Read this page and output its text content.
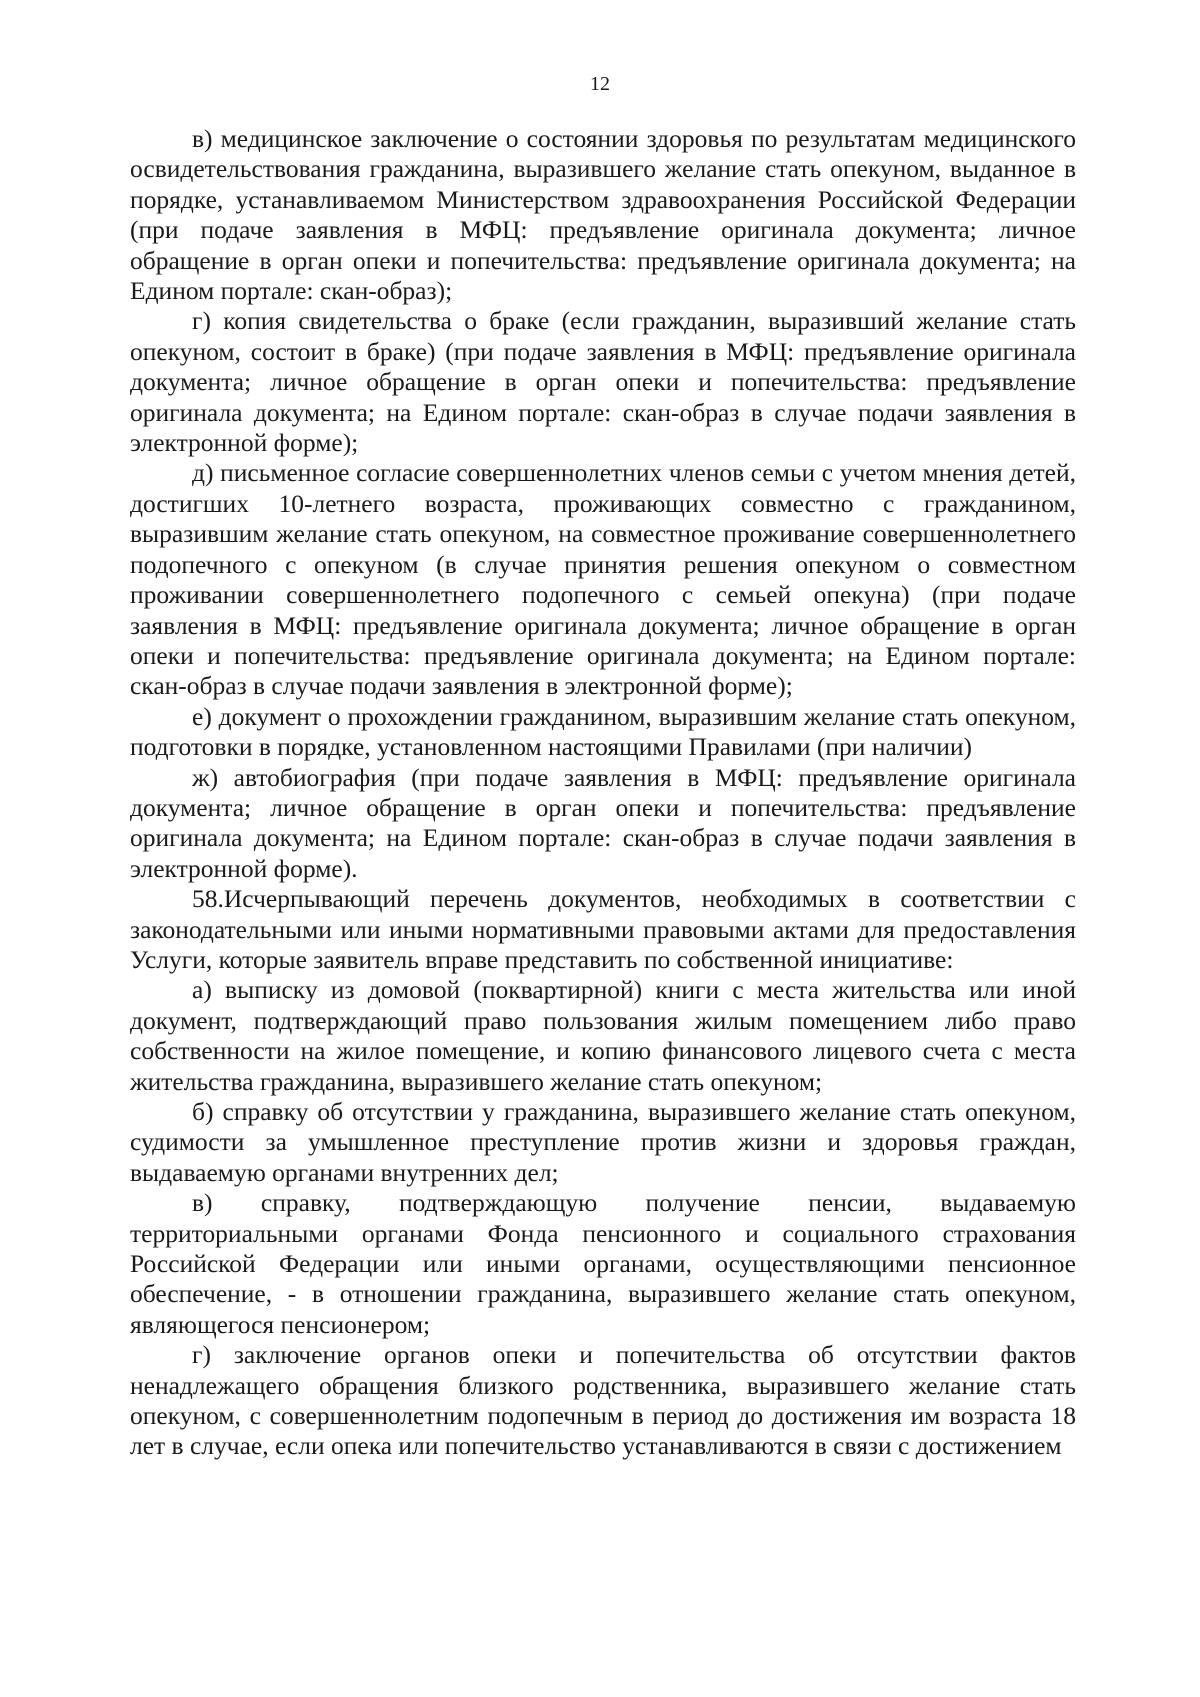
12

в) медицинское заключение о состоянии здоровья по результатам медицинского освидетельствования гражданина, выразившего желание стать опекуном, выданное в порядке, устанавливаемом Министерством здравоохранения Российской Федерации (при подаче заявления в МФЦ: предъявление оригинала документа; личное обращение в орган опеки и попечительства: предъявление оригинала документа; на Едином портале: скан-образ);

г) копия свидетельства о браке (если гражданин, выразивший желание стать опекуном, состоит в браке) (при подаче заявления в МФЦ: предъявление оригинала документа; личное обращение в орган опеки и попечительства: предъявление оригинала документа; на Едином портале: скан-образ в случае подачи заявления в электронной форме);

д) письменное согласие совершеннолетних членов семьи с учетом мнения детей, достигших 10-летнего возраста, проживающих совместно с гражданином, выразившим желание стать опекуном, на совместное проживание совершеннолетнего подопечного с опекуном (в случае принятия решения опекуном о совместном проживании совершеннолетнего подопечного с семьей опекуна) (при подаче заявления в МФЦ: предъявление оригинала документа; личное обращение в орган опеки и попечительства: предъявление оригинала документа; на Едином портале: скан-образ в случае подачи заявления в электронной форме);

е) документ о прохождении гражданином, выразившим желание стать опекуном, подготовки в порядке, установленном настоящими Правилами (при наличии)

ж) автобиография (при подаче заявления в МФЦ: предъявление оригинала документа; личное обращение в орган опеки и попечительства: предъявление оригинала документа; на Едином портале: скан-образ в случае подачи заявления в электронной форме).

58.Исчерпывающий перечень документов, необходимых в соответствии с законодательными или иными нормативными правовыми актами для предоставления Услуги, которые заявитель вправе представить по собственной инициативе:

а) выписку из домовой (поквартирной) книги с места жительства или иной документ, подтверждающий право пользования жилым помещением либо право собственности на жилое помещение, и копию финансового лицевого счета с места жительства гражданина, выразившего желание стать опекуном;

б) справку об отсутствии у гражданина, выразившего желание стать опекуном, судимости за умышленное преступление против жизни и здоровья граждан, выдаваемую органами внутренних дел;

в) справку, подтверждающую получение пенсии, выдаваемую территориальными органами Фонда пенсионного и социального страхования Российской Федерации или иными органами, осуществляющими пенсионное обеспечение, - в отношении гражданина, выразившего желание стать опекуном, являющегося пенсионером;

г) заключение органов опеки и попечительства об отсутствии фактов ненадлежащего обращения близкого родственника, выразившего желание стать опекуном, с совершеннолетним подопечным в период до достижения им возраста 18 лет в случае, если опека или попечительство устанавливаются в связи с достижением
